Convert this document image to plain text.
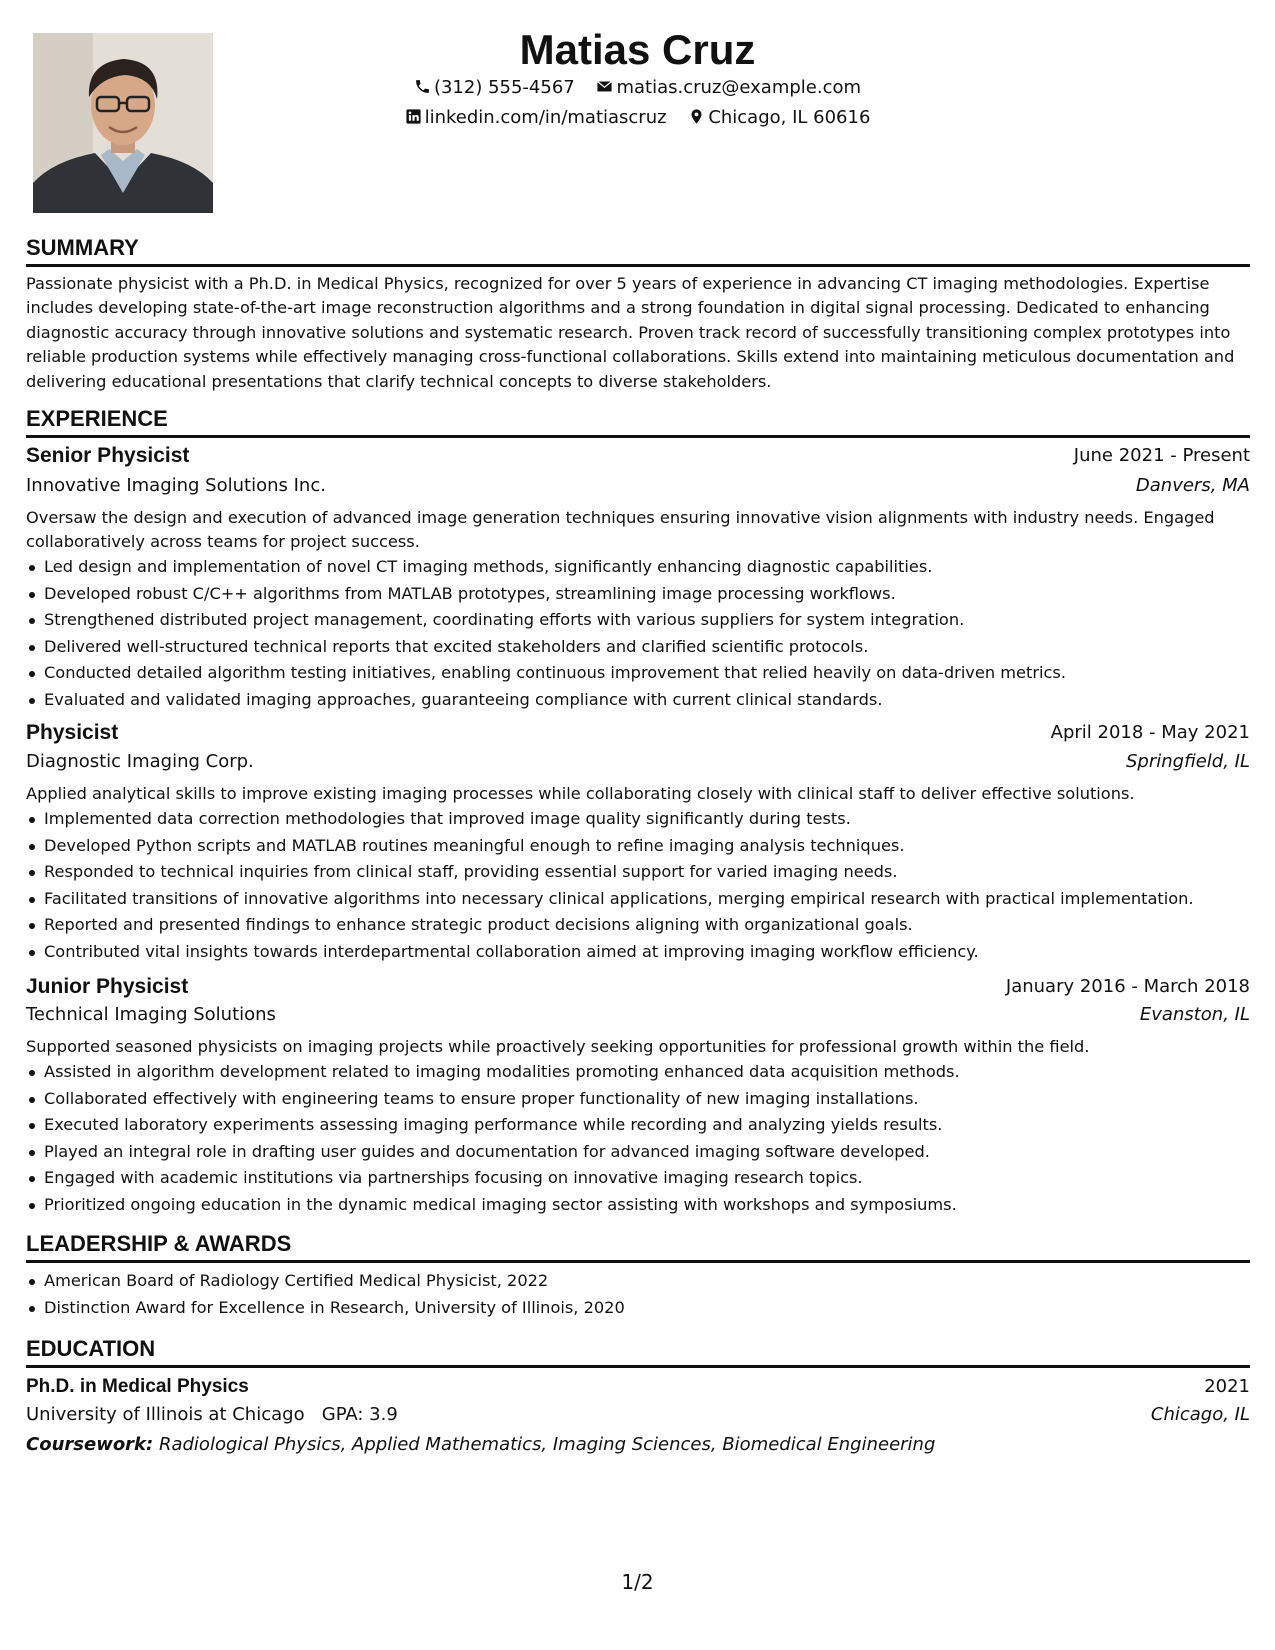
Matias Cruz
(312) 555-4567 matias.cruz@example.com
linkedin.com/in/matiascruz Chicago, IL 60616
SUMMARY
Passionate physicist with a Ph.D. in Medical Physics, recognized for over 5 years of experience in advancing CT imaging methodologies. Expertise includes developing state-of-the-art image reconstruction algorithms and a strong foundation in digital signal processing. Dedicated to enhancing diagnostic accuracy through innovative solutions and systematic research. Proven track record of successfully transitioning complex prototypes into reliable production systems while effectively managing cross-functional collaborations. Skills extend into maintaining meticulous documentation and delivering educational presentations that clarify technical concepts to diverse stakeholders.
EXPERIENCE
Senior Physicist	June 2021 - Present
Innovative Imaging Solutions Inc.	Danvers, MA
Oversaw the design and execution of advanced image generation techniques ensuring innovative vision alignments with industry needs. Engaged collaboratively across teams for project success.
Led design and implementation of novel CT imaging methods, significantly enhancing diagnostic capabilities.
Developed robust C/C++ algorithms from MATLAB prototypes, streamlining image processing workflows.
Strengthened distributed project management, coordinating efforts with various suppliers for system integration.
Delivered well-structured technical reports that excited stakeholders and clarified scientific protocols.
Conducted detailed algorithm testing initiatives, enabling continuous improvement that relied heavily on data-driven metrics.
Evaluated and validated imaging approaches, guaranteeing compliance with current clinical standards.
Physicist	April 2018 - May 2021
Diagnostic Imaging Corp.	Springfield, IL
Applied analytical skills to improve existing imaging processes while collaborating closely with clinical staff to deliver effective solutions.
Implemented data correction methodologies that improved image quality significantly during tests.
Developed Python scripts and MATLAB routines meaningful enough to refine imaging analysis techniques.
Responded to technical inquiries from clinical staff, providing essential support for varied imaging needs.
Facilitated transitions of innovative algorithms into necessary clinical applications, merging empirical research with practical implementation.
Reported and presented findings to enhance strategic product decisions aligning with organizational goals.
Contributed vital insights towards interdepartmental collaboration aimed at improving imaging workflow efficiency.
Junior Physicist	January 2016 - March 2018
Technical Imaging Solutions	Evanston, IL
Supported seasoned physicists on imaging projects while proactively seeking opportunities for professional growth within the field.
Assisted in algorithm development related to imaging modalities promoting enhanced data acquisition methods.
Collaborated effectively with engineering teams to ensure proper functionality of new imaging installations.
Executed laboratory experiments assessing imaging performance while recording and analyzing yields results.
Played an integral role in drafting user guides and documentation for advanced imaging software developed.
Engaged with academic institutions via partnerships focusing on innovative imaging research topics.
Prioritized ongoing education in the dynamic medical imaging sector assisting with workshops and symposiums.
LEADERSHIP & AWARDS
American Board of Radiology Certified Medical Physicist, 2022
Distinction Award for Excellence in Research, University of Illinois, 2020
EDUCATION
Ph.D. in Medical Physics	2021
University of Illinois at Chicago GPA: 3.9	Chicago, IL
Coursework: Radiological Physics, Applied Mathematics, Imaging Sciences, Biomedical Engineering
1/2
